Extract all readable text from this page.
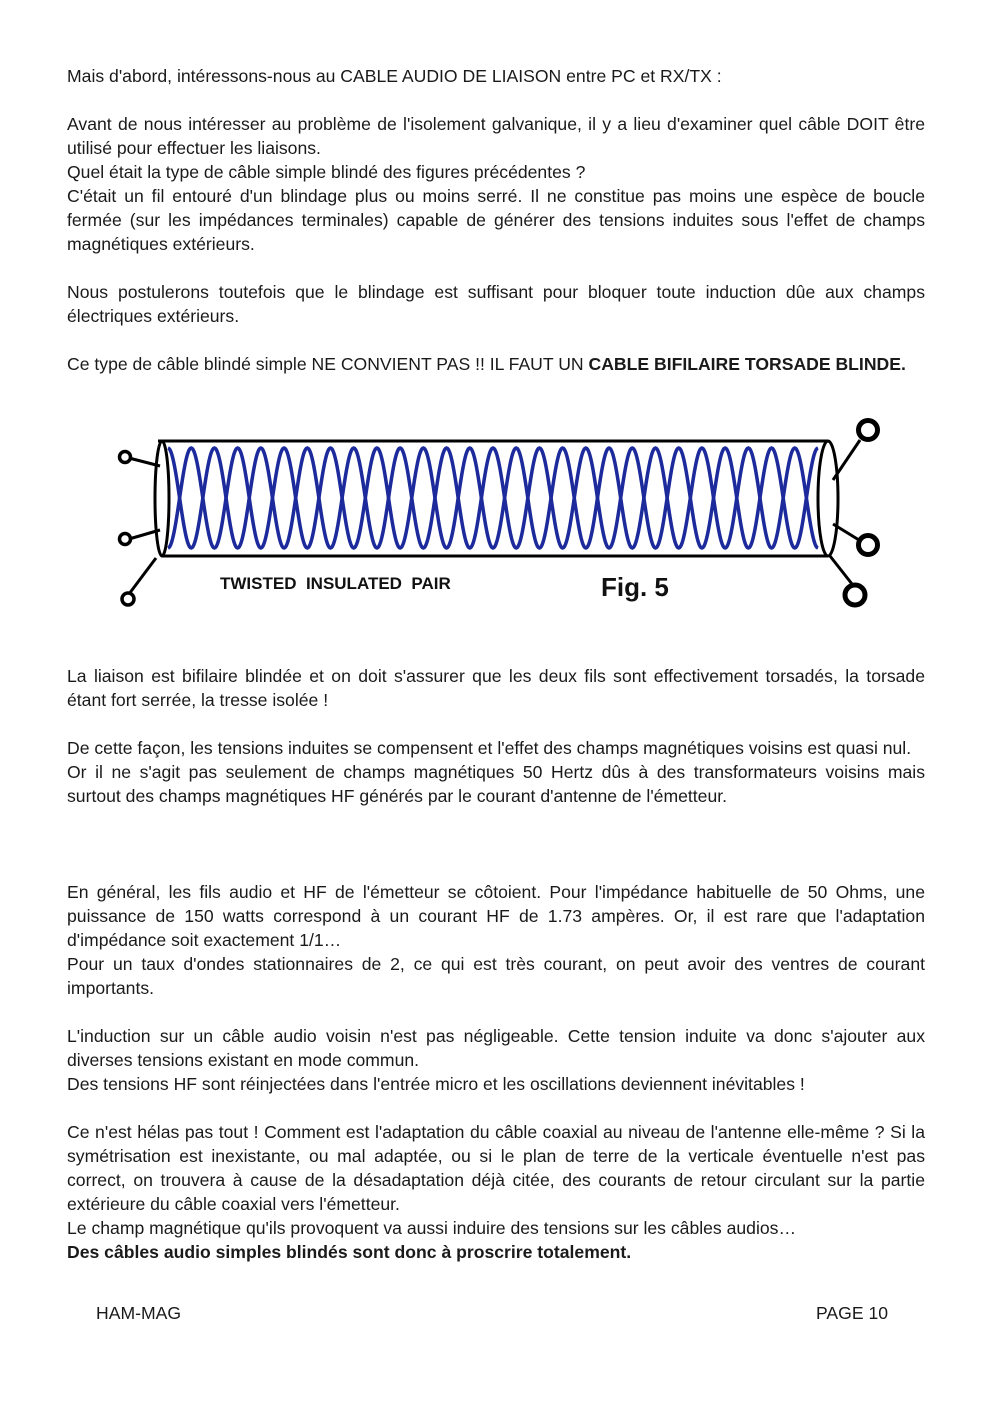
Mais d'abord, intéressons-nous au CABLE AUDIO DE LIAISON entre PC et RX/TX :

Avant de nous intéresser au problème de l'isolement galvanique, il y a lieu d'examiner quel câble DOIT être utilisé pour effectuer les liaisons.
Quel était la type de câble simple blindé des figures précédentes ?
C'était un fil entouré d'un blindage plus ou moins serré. Il ne constitue pas moins une espèce de boucle fermée (sur les impédances terminales) capable de générer des tensions induites sous l'effet de champs magnétiques extérieurs.

Nous postulerons toutefois que le blindage est suffisant pour bloquer toute induction dûe aux champs électriques extérieurs.

Ce type de câble blindé simple NE CONVIENT PAS !! IL FAUT UN CABLE BIFILAIRE TORSADE BLINDE.

TWISTED  INSULATED  PAIR	Fig. 5

La liaison est bifilaire blindée et on doit s'assurer que les deux fils sont effectivement torsadés, la torsade étant fort serrée, la tresse isolée !

De cette façon, les tensions induites se compensent et l'effet des champs magnétiques voisins est quasi nul.
Or il ne s'agit pas seulement de champs magnétiques 50 Hertz dûs à des transformateurs voisins mais surtout des champs magnétiques HF générés par le courant d'antenne de l'émetteur.

En général, les fils audio et HF de l'émetteur se côtoient. Pour l'impédance habituelle de 50 Ohms, une puissance de 150 watts correspond à un courant HF de 1.73 ampères. Or, il est rare que l'adaptation d'impédance soit exactement 1/1…
Pour un taux d'ondes stationnaires de 2, ce qui est très courant, on peut avoir des ventres de courant importants.

L'induction sur un câble audio voisin n'est pas négligeable. Cette tension induite va donc s'ajouter aux diverses tensions existant en mode commun.
Des tensions HF sont réinjectées dans l'entrée micro et les oscillations deviennent inévitables !

Ce n'est hélas pas tout ! Comment est l'adaptation du câble coaxial au niveau de l'antenne elle-même ? Si la symétrisation est inexistante, ou mal adaptée, ou si le plan de terre de la verticale éventuelle n'est pas correct, on trouvera à cause de la désadaptation déjà citée, des courants de retour circulant sur la partie extérieure du câble coaxial vers l'émetteur.
Le champ magnétique qu'ils provoquent va aussi induire des tensions sur les câbles audios…
Des câbles audio simples blindés sont donc à proscrire totalement.

HAM-MAG	PAGE 10
